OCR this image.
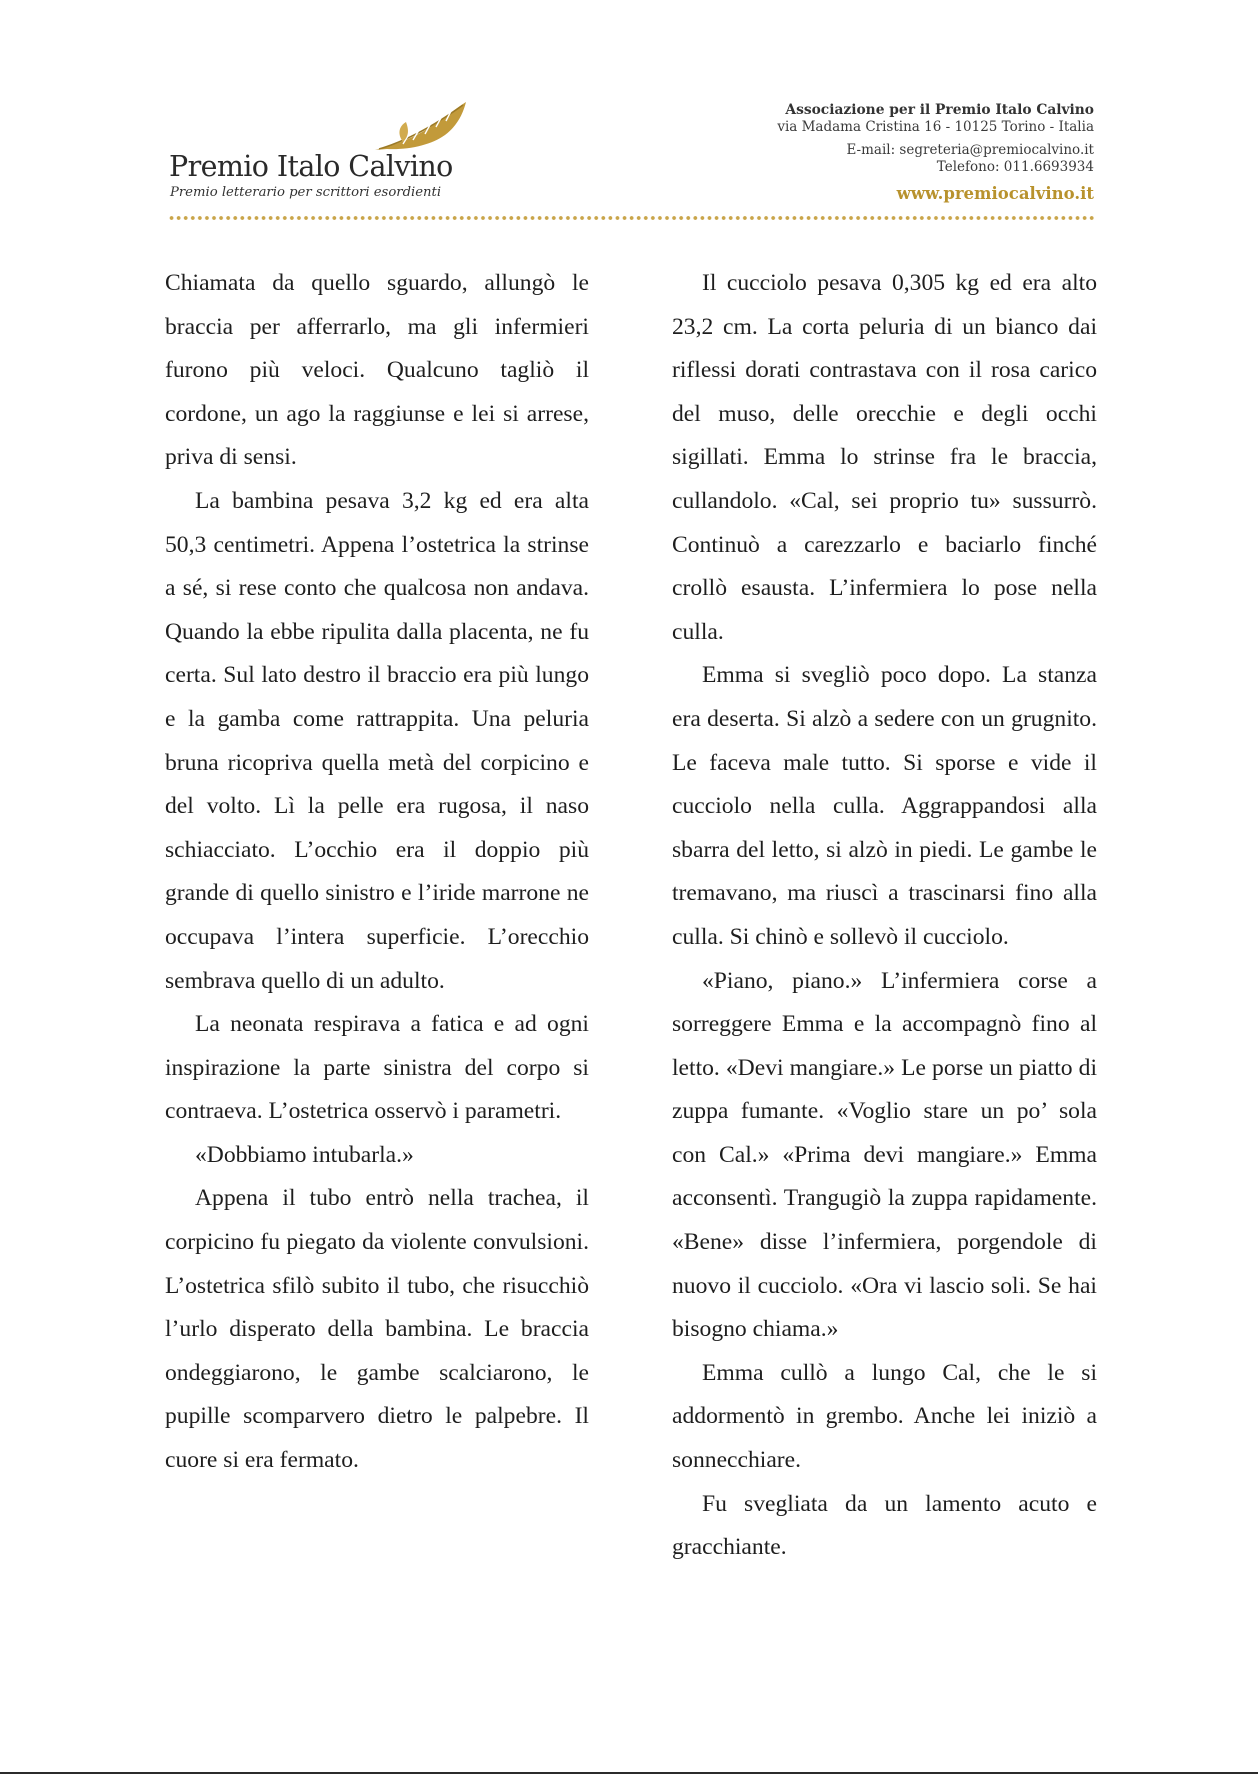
Premio Italo Calvino
Premio letterario per scrittori esordienti
Associazione per il Premio Italo Calvino
via Madama Cristina 16 - 10125 Torino - Italia
E-mail: segreteria@premiocalvino.it
Telefono: 011.6693934
www.premiocalvino.it

Chiamata da quello sguardo, allungò le braccia per afferrarlo, ma gli infermieri furono più veloci. Qualcuno tagliò il cordone, un ago la raggiunse e lei si arrese, priva di sensi.

La bambina pesava 3,2 kg ed era alta 50,3 centimetri. Appena l’ostetrica la strinse a sé, si rese conto che qualcosa non andava. Quando la ebbe ripulita dalla placenta, ne fu certa. Sul lato destro il braccio era più lungo e la gamba come rattrappita. Una peluria bruna ricopriva quella metà del corpicino e del volto. Lì la pelle era rugosa, il naso schiacciato. L’occhio era il doppio più grande di quello sinistro e l’iride marrone ne occupava l’intera superficie. L’orecchio sembrava quello di un adulto.

La neonata respirava a fatica e ad ogni inspirazione la parte sinistra del corpo si contraeva. L’ostetrica osservò i parametri.

«Dobbiamo intubarla.»

Appena il tubo entrò nella trachea, il corpicino fu piegato da violente convulsioni. L’ostetrica sfilò subito il tubo, che risucchiò l’urlo disperato della bambina. Le braccia ondeggiarono, le gambe scalciarono, le pupille scomparvero dietro le palpebre. Il cuore si era fermato.

Il cucciolo pesava 0,305 kg ed era alto 23,2 cm. La corta peluria di un bianco dai riflessi dorati contrastava con il rosa carico del muso, delle orecchie e degli occhi sigillati. Emma lo strinse fra le braccia, cullandolo. «Cal, sei proprio tu» sussurrò. Continuò a carezzarlo e baciarlo finché crollò esausta. L’infermiera lo pose nella culla.

Emma si svegliò poco dopo. La stanza era deserta. Si alzò a sedere con un grugnito. Le faceva male tutto. Si sporse e vide il cucciolo nella culla. Aggrappandosi alla sbarra del letto, si alzò in piedi. Le gambe le tremavano, ma riuscì a trascinarsi fino alla culla. Si chinò e sollevò il cucciolo.

«Piano, piano.» L’infermiera corse a sorreggere Emma e la accompagnò fino al letto. «Devi mangiare.» Le porse un piatto di zuppa fumante. «Voglio stare un po’ sola con Cal.» «Prima devi mangiare.» Emma acconsentì. Trangugiò la zuppa rapidamente. «Bene» disse l’infermiera, porgendole di nuovo il cucciolo. «Ora vi lascio soli. Se hai bisogno chiama.»

Emma cullò a lungo Cal, che le si addormentò in grembo. Anche lei iniziò a sonnecchiare.

Fu svegliata da un lamento acuto e gracchiante.
